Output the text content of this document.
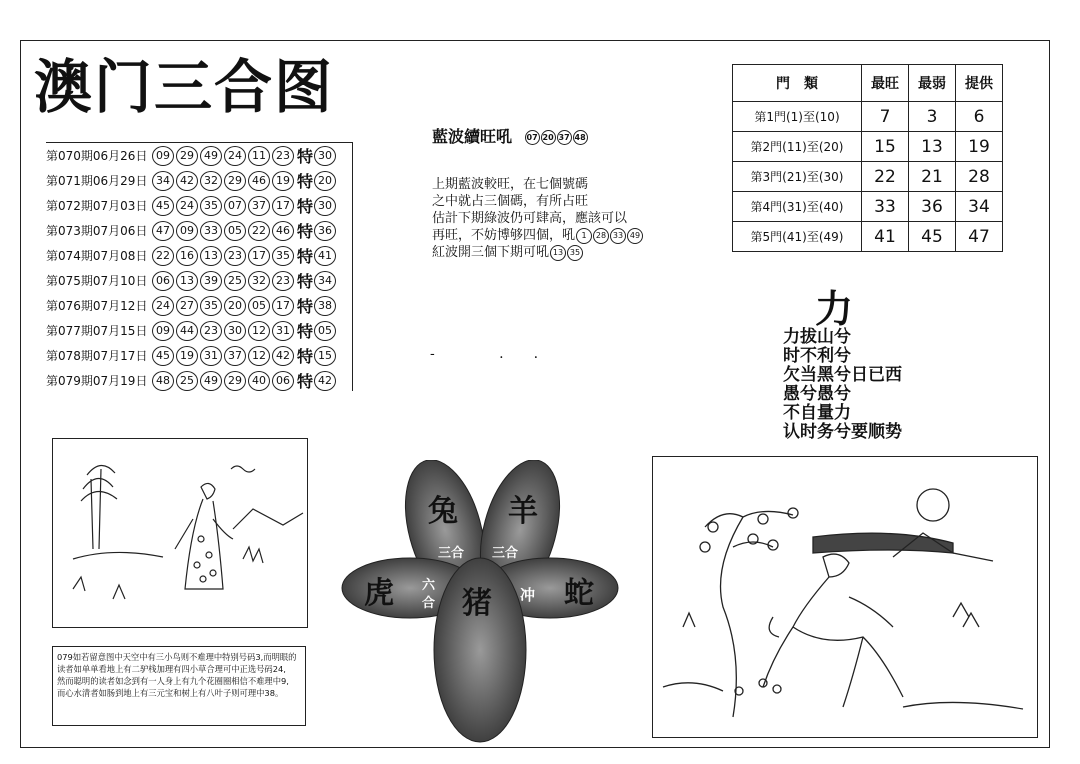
澳门三合图
第070期06月26日 09 29 49 24 11 23 特 30
第071期06月29日 34 42 32 29 46 19 特 20
第072期07月03日 45 24 35 07 37 17 特 30
第073期07月06日 47 09 33 05 22 46 特 36
第074期07月08日 22 16 13 23 17 35 特 41
第075期07月10日 06 13 39 25 32 23 特 34
第076期07月12日 24 27 35 20 05 17 特 38
第077期07月15日 09 44 23 30 12 31 特 05
第078期07月17日 45 19 31 37 12 42 特 15
第079期07月19日 48 25 49 29 40 06 特 42
藍波續旺吼 07 20 37 48
上期藍波較旺，在七個號碼
之中就占三個碼，有所占旺
估計下期綠波仍可肆高，應該可以
再旺，不妨博够四個，吼 1 28 33 49
紅波開三個下期可吼 13 35
門　類	最旺	最弱	提供
第1門(1)至(10)	7	3	6
第2門(11)至(20)	15	13	19
第3門(21)至(30)	22	21	28
第4門(31)至(40)	33	36	34
第5門(41)至(49)	41	45	47
- ..
力
力拔山兮
时不利兮
欠当黑兮日已西
愚兮愚兮
不自量力
认时务兮要顺势
079如若留意图中天空中有三小鸟则不难理中特别号码3,而明眼的
读者如单单看地上有二驴栈加理有四小草合理可中正选号码24,
然而聪明的读者如念到有一人身上有九个花圈圈相信不难理中9,
而心水清者如肠到地上有三元宝和树上有八叶子则可理中38。
兔 羊
虎 猪 蛇
三合 三合
六
合	冲
